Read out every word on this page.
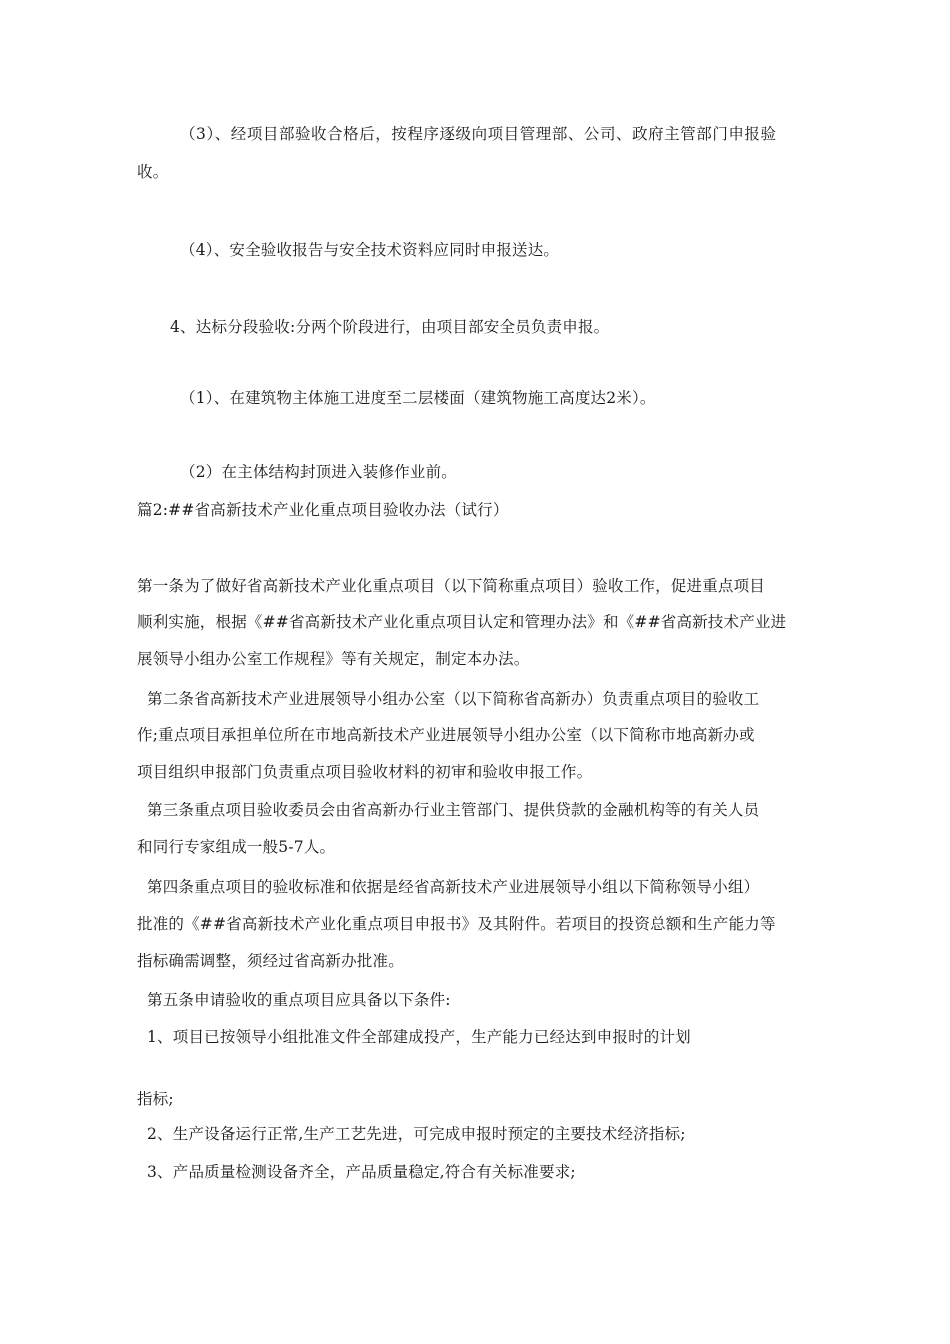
（3）、经项目部验收合格后，按程序逐级向项目管理部、公司、政府主管部门申报验
收。
（4）、安全验收报告与安全技术资料应同时申报送达。
4、达标分段验收:分两个阶段进行，由项目部安全员负责申报。
（1）、在建筑物主体施工进度至二层楼面（建筑物施工高度达2米）。
（2）在主体结构封顶进入装修作业前。
篇2:##省高新技术产业化重点项目验收办法（试行）
第一条为了做好省高新技术产业化重点项目（以下简称重点项目）验收工作，促进重点项目
顺利实施，根据《##省高新技术产业化重点项目认定和管理办法》和《##省高新技术产业进
展领导小组办公室工作规程》等有关规定，制定本办法。
第二条省高新技术产业进展领导小组办公室（以下简称省高新办）负责重点项目的验收工
作;重点项目承担单位所在市地高新技术产业进展领导小组办公室（以下简称市地高新办或
项目组织申报部门负责重点项目验收材料的初审和验收申报工作。
第三条重点项目验收委员会由省高新办行业主管部门、提供贷款的金融机构等的有关人员
和同行专家组成一般5-7人。
第四条重点项目的验收标准和依据是经省高新技术产业进展领导小组以下简称领导小组）
批准的《##省高新技术产业化重点项目申报书》及其附件。若项目的投资总额和生产能力等
指标确需调整，须经过省高新办批准。
第五条申请验收的重点项目应具备以下条件:
1、项目已按领导小组批准文件全部建成投产，生产能力已经达到申报时的计划
指标;
2、生产设备运行正常,生产工艺先进，可完成申报时预定的主要技术经济指标;
3、产品质量检测设备齐全，产品质量稳定,符合有关标准要求;
